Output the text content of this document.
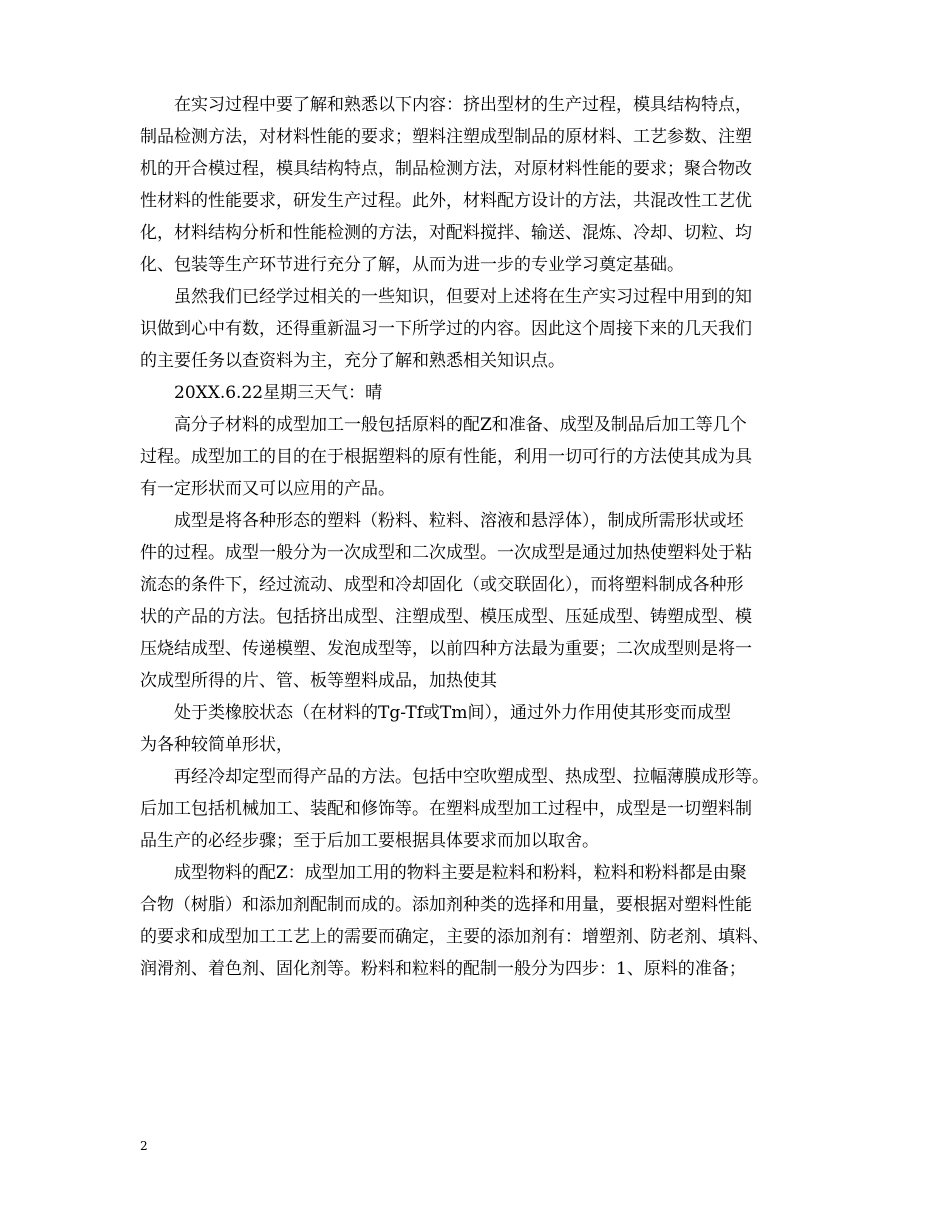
在实习过程中要了解和熟悉以下内容：挤出型材的生产过程，模具结构特点，
制品检测方法，对材料性能的要求；塑料注塑成型制品的原材料、工艺参数、注塑
机的开合模过程，模具结构特点，制品检测方法，对原材料性能的要求；聚合物改
性材料的性能要求，研发生产过程。此外，材料配方设计的方法，共混改性工艺优
化，材料结构分析和性能检测的方法，对配料搅拌、输送、混炼、冷却、切粒、均
化、包装等生产环节进行充分了解，从而为进一步的专业学习奠定基础。
虽然我们已经学过相关的一些知识，但要对上述将在生产实习过程中用到的知
识做到心中有数，还得重新温习一下所学过的内容。因此这个周接下来的几天我们
的主要任务以查资料为主，充分了解和熟悉相关知识点。
20XX.6.22星期三天气：晴
高分子材料的成型加工一般包括原料的配Z和准备、成型及制品后加工等几个
过程。成型加工的目的在于根据塑料的原有性能，利用一切可行的方法使其成为具
有一定形状而又可以应用的产品。
成型是将各种形态的塑料（粉料、粒料、溶液和悬浮体），制成所需形状或坯
件的过程。成型一般分为一次成型和二次成型。一次成型是通过加热使塑料处于粘
流态的条件下，经过流动、成型和冷却固化（或交联固化），而将塑料制成各种形
状的产品的方法。包括挤出成型、注塑成型、模压成型、压延成型、铸塑成型、模
压烧结成型、传递模塑、发泡成型等，以前四种方法最为重要；二次成型则是将一
次成型所得的片、管、板等塑料成品，加热使其
处于类橡胶状态（在材料的Tg-Tf或Tm间），通过外力作用使其形变而成型
为各种较简单形状，
再经冷却定型而得产品的方法。包括中空吹塑成型、热成型、拉幅薄膜成形等。
后加工包括机械加工、装配和修饰等。在塑料成型加工过程中，成型是一切塑料制
品生产的必经步骤；至于后加工要根据具体要求而加以取舍。
成型物料的配Z：成型加工用的物料主要是粒料和粉料，粒料和粉料都是由聚
合物（树脂）和添加剂配制而成的。添加剂种类的选择和用量，要根据对塑料性能
的要求和成型加工工艺上的需要而确定，主要的添加剂有：增塑剂、防老剂、填料、
润滑剂、着色剂、固化剂等。粉料和粒料的配制一般分为四步：1、原料的准备；
2
